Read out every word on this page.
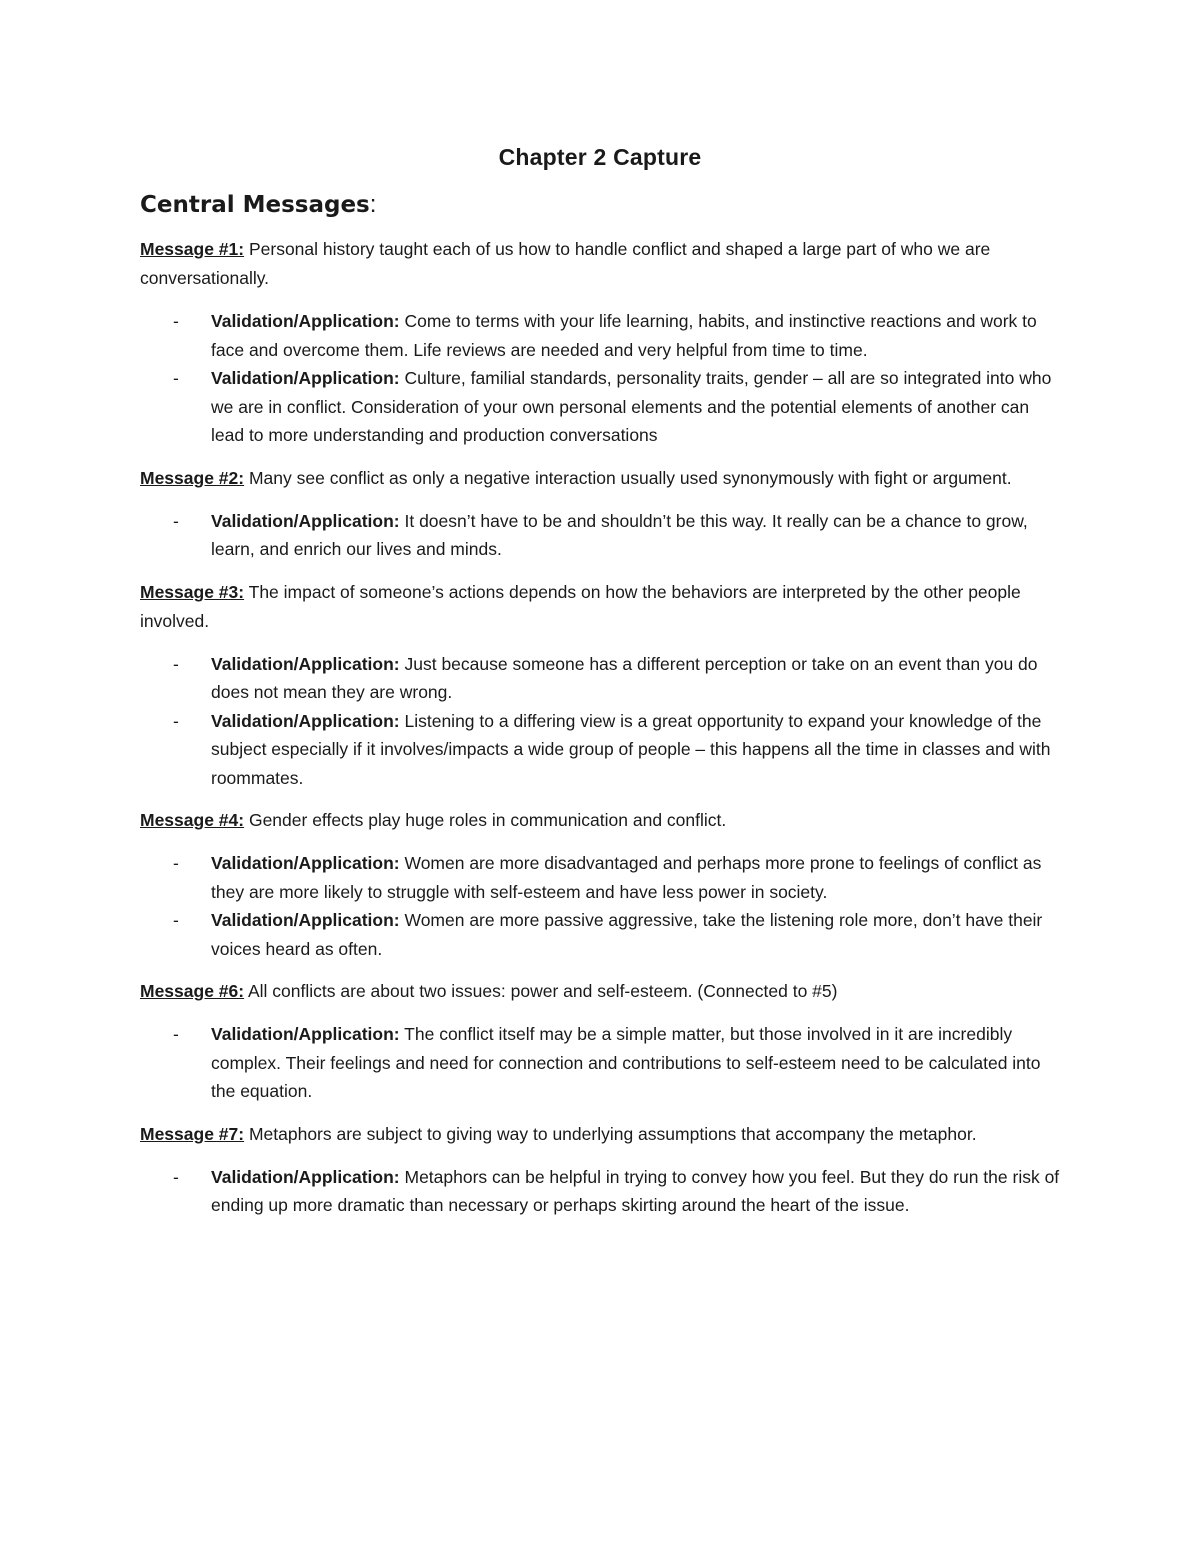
Chapter 2 Capture
Central Messages:

Message #1: Personal history taught each of us how to handle conflict and shaped a large part of who we are conversationally.

- Validation/Application: Come to terms with your life learning, habits, and instinctive reactions and work to face and overcome them. Life reviews are needed and very helpful from time to time.
- Validation/Application: Culture, familial standards, personality traits, gender – all are so integrated into who we are in conflict. Consideration of your own personal elements and the potential elements of another can lead to more understanding and production conversations

Message #2: Many see conflict as only a negative interaction usually used synonymously with fight or argument.

- Validation/Application: It doesn’t have to be and shouldn’t be this way. It really can be a chance to grow, learn, and enrich our lives and minds.

Message #3: The impact of someone’s actions depends on how the behaviors are interpreted by the other people involved.

- Validation/Application: Just because someone has a different perception or take on an event than you do does not mean they are wrong.
- Validation/Application: Listening to a differing view is a great opportunity to expand your knowledge of the subject especially if it involves/impacts a wide group of people – this happens all the time in classes and with roommates.

Message #4: Gender effects play huge roles in communication and conflict.

- Validation/Application: Women are more disadvantaged and perhaps more prone to feelings of conflict as they are more likely to struggle with self-esteem and have less power in society.
- Validation/Application: Women are more passive aggressive, take the listening role more, don’t have their voices heard as often.

Message #6: All conflicts are about two issues: power and self-esteem. (Connected to #5)

- Validation/Application: The conflict itself may be a simple matter, but those involved in it are incredibly complex. Their feelings and need for connection and contributions to self-esteem need to be calculated into the equation.

Message #7: Metaphors are subject to giving way to underlying assumptions that accompany the metaphor.

- Validation/Application: Metaphors can be helpful in trying to convey how you feel. But they do run the risk of ending up more dramatic than necessary or perhaps skirting around the heart of the issue.
